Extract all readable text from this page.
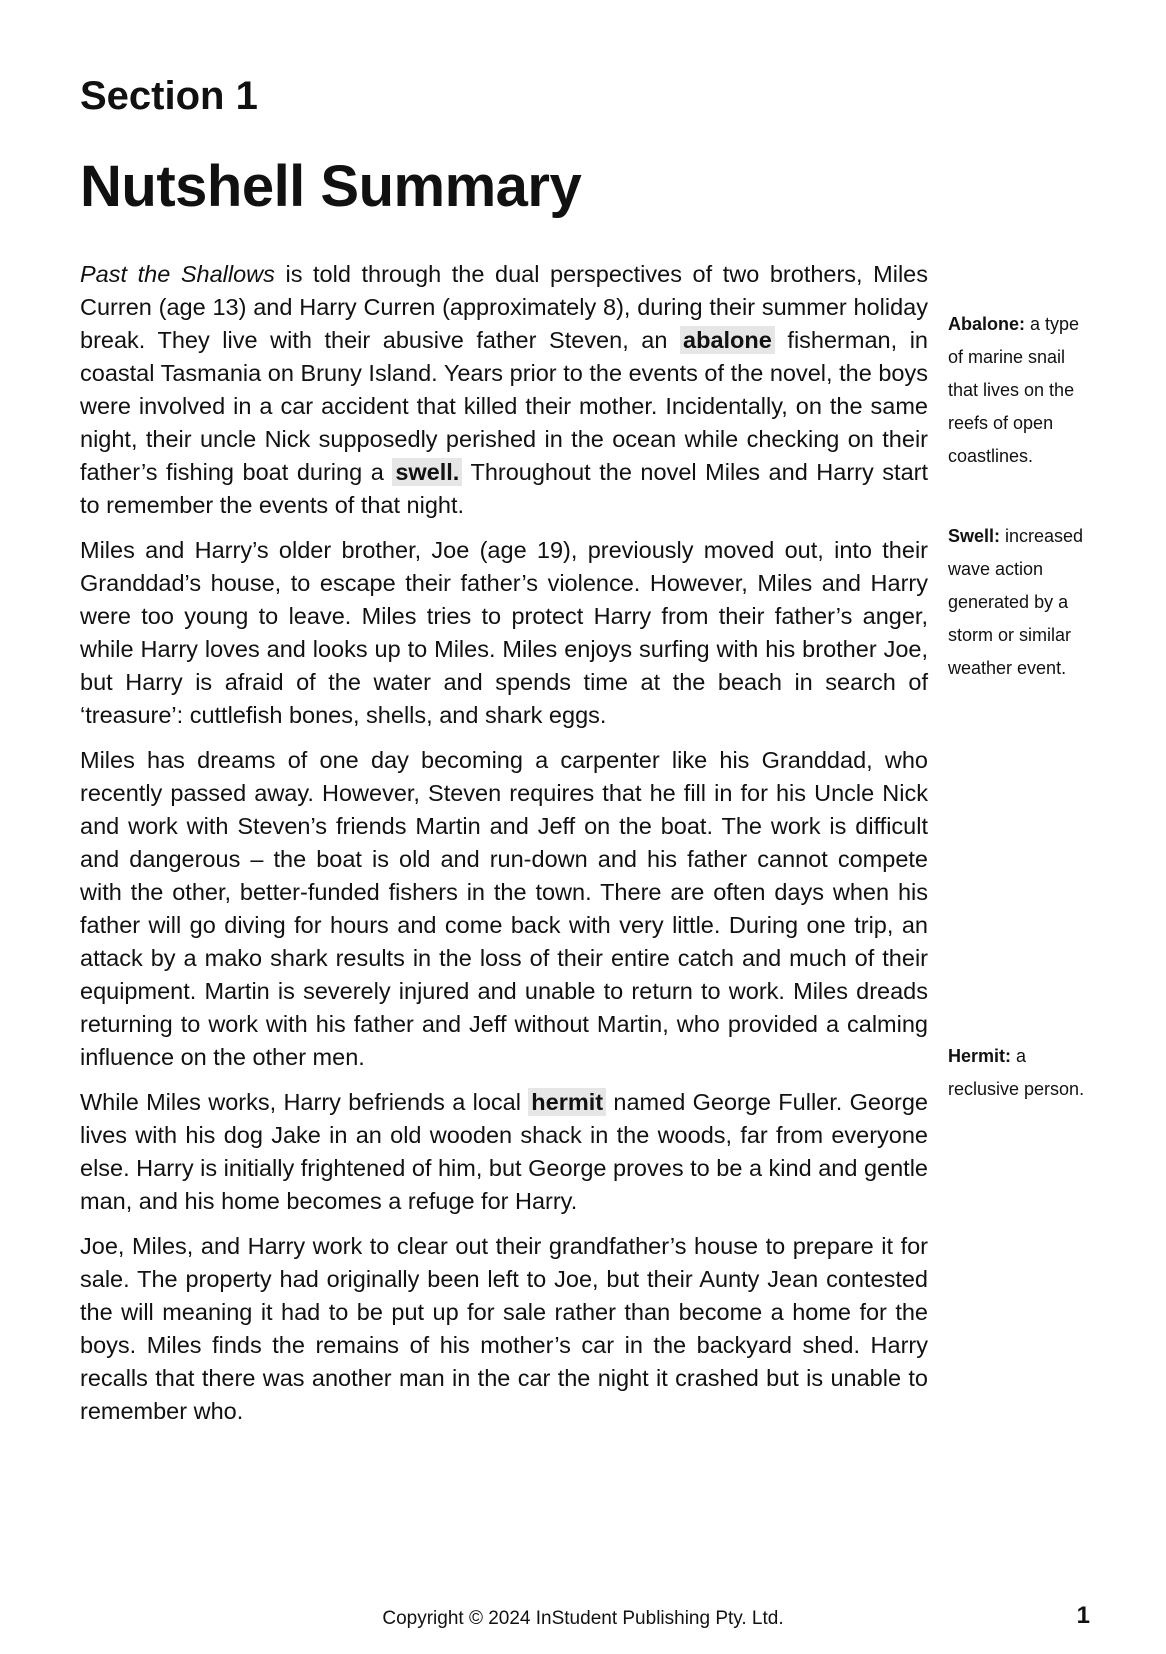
Section 1
Nutshell Summary

Past the Shallows is told through the dual perspectives of two brothers, Miles Curren (age 13) and Harry Curren (approximately 8), during their summer holiday break. They live with their abusive father Steven, an abalone fisherman, in coastal Tasmania on Bruny Island. Years prior to the events of the novel, the boys were involved in a car accident that killed their mother. Incidentally, on the same night, their uncle Nick supposedly perished in the ocean while checking on their father’s fishing boat during a swell. Throughout the novel Miles and Harry start to remember the events of that night.

Miles and Harry’s older brother, Joe (age 19), previously moved out, into their Granddad’s house, to escape their father’s violence. However, Miles and Harry were too young to leave. Miles tries to protect Harry from their father’s anger, while Harry loves and looks up to Miles. Miles enjoys surfing with his brother Joe, but Harry is afraid of the water and spends time at the beach in search of ‘treasure’: cuttlefish bones, shells, and shark eggs.

Miles has dreams of one day becoming a carpenter like his Granddad, who recently passed away. However, Steven requires that he fill in for his Uncle Nick and work with Steven’s friends Martin and Jeff on the boat. The work is difficult and dangerous – the boat is old and run-down and his father cannot compete with the other, better-funded fishers in the town. There are often days when his father will go diving for hours and come back with very little. During one trip, an attack by a mako shark results in the loss of their entire catch and much of their equipment. Martin is severely injured and unable to return to work. Miles dreads returning to work with his father and Jeff without Martin, who provided a calming influence on the other men.

While Miles works, Harry befriends a local hermit named George Fuller. George lives with his dog Jake in an old wooden shack in the woods, far from everyone else. Harry is initially frightened of him, but George proves to be a kind and gentle man, and his home becomes a refuge for Harry.

Joe, Miles, and Harry work to clear out their grandfather’s house to prepare it for sale. The property had originally been left to Joe, but their Aunty Jean contested the will meaning it had to be put up for sale rather than become a home for the boys. Miles finds the remains of his mother’s car in the backyard shed. Harry recalls that there was another man in the car the night it crashed but is unable to remember who.

Abalone: a type of marine snail that lives on the reefs of open coastlines.
Swell: increased wave action generated by a storm or similar weather event.
Hermit: a reclusive person.
Copyright © 2024 InStudent Publishing Pty. Ltd.	1
